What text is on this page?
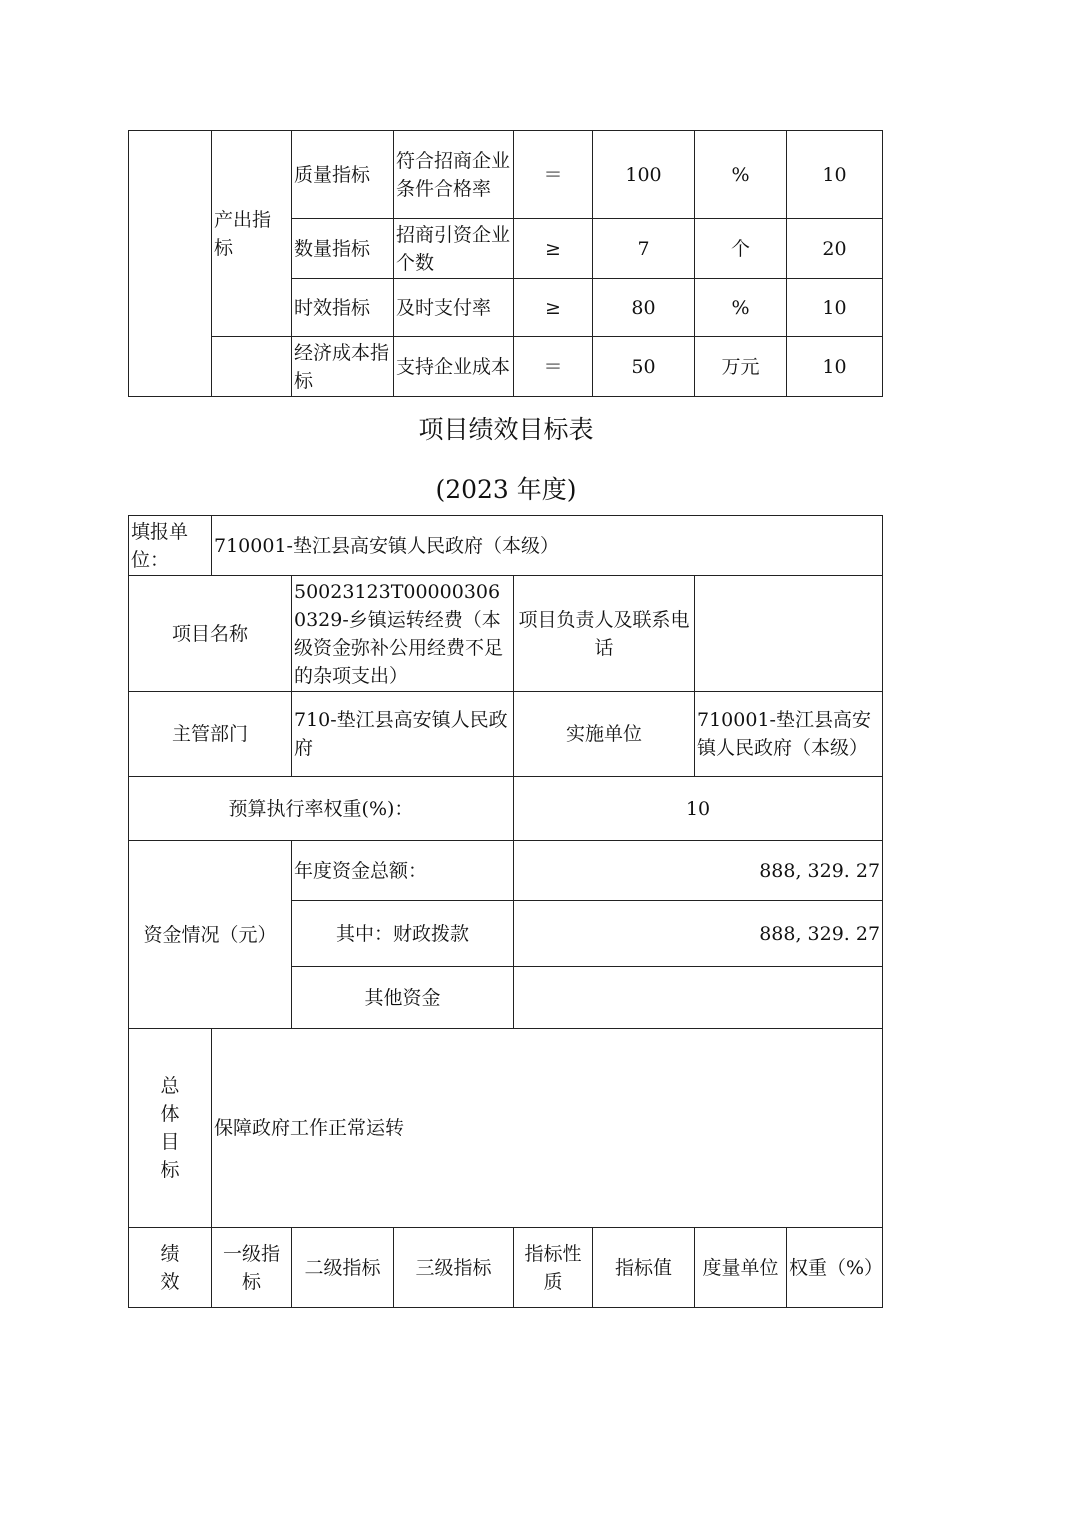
	产出指标	质量指标	符合招商企业条件合格率	＝	100	%	10
		数量指标	招商引资企业个数	≥	7	个	20
		时效指标	及时支付率	≥	80	%	10
		经济成本指标	支持企业成本	＝	50	万元	10
项目绩效目标表
(2023 年度)
填报单位：	710001-垫江县高安镇人民政府（本级）						
项目名称		50023123T000003060329-乡镇运转经费（本级资金弥补公用经费不足的杂项支出）		项目负责人及联系电话			
主管部门		710-垫江县高安镇人民政府		实施单位		710001-垫江县高安镇人民政府（本级）	
预算执行率权重(%)：				10			
资金情况（元）		年度资金总额：		888, 329. 27			
		其中：财政拨款		888, 329. 27			
		其他资金					
总体目标	保障政府工作正常运转						
绩效	一级指标	二级指标	三级指标	指标性质	指标值	度量单位	权重（%）
